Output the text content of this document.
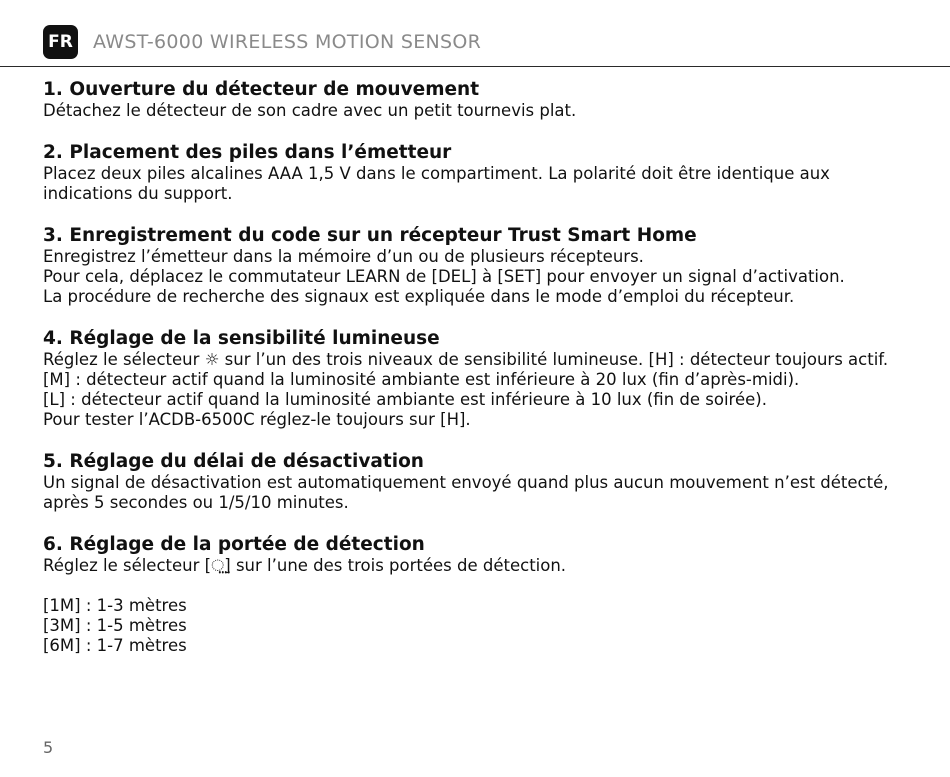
FR AWST-6000 WIRELESS MOTION SENSOR
1. Ouverture du détecteur de mouvement

Détachez le détecteur de son cadre avec un petit tournevis plat.

2. Placement des piles dans l’émetteur

Placez deux piles alcalines AAA 1,5 V dans le compartiment. La polarité doit être identique aux

indications du support.

3. Enregistrement du code sur un récepteur Trust Smart Home

Enregistrez l’émetteur dans la mémoire d’un ou de plusieurs récepteurs.

Pour cela, déplacez le commutateur LEARN de [DEL] à [SET] pour envoyer un signal d’activation.

La procédure de recherche des signaux est expliquée dans le mode d’emploi du récepteur.

4. Réglage de la sensibilité lumineuse

Réglez le sélecteur ☼ sur l’un des trois niveaux de sensibilité lumineuse. [H] : détecteur toujours actif.

[M] : détecteur actif quand la luminosité ambiante est inférieure à 20 lux (fin d’après-midi).

[L] : détecteur actif quand la luminosité ambiante est inférieure à 10 lux (fin de soirée).

Pour tester l’ACDB-6500C réglez-le toujours sur [H].

5. Réglage du délai de désactivation

Un signal de désactivation est automatiquement envoyé quand plus aucun mouvement n’est détecté,

après 5 secondes ou 1/5/10 minutes.

6. Réglage de la portée de détection

Réglez le sélecteur [⵿] sur l’une des trois portées de détection.

[1M] : 1-3 mètres

[3M] : 1-5 mètres

[6M] : 1-7 mètres

5
